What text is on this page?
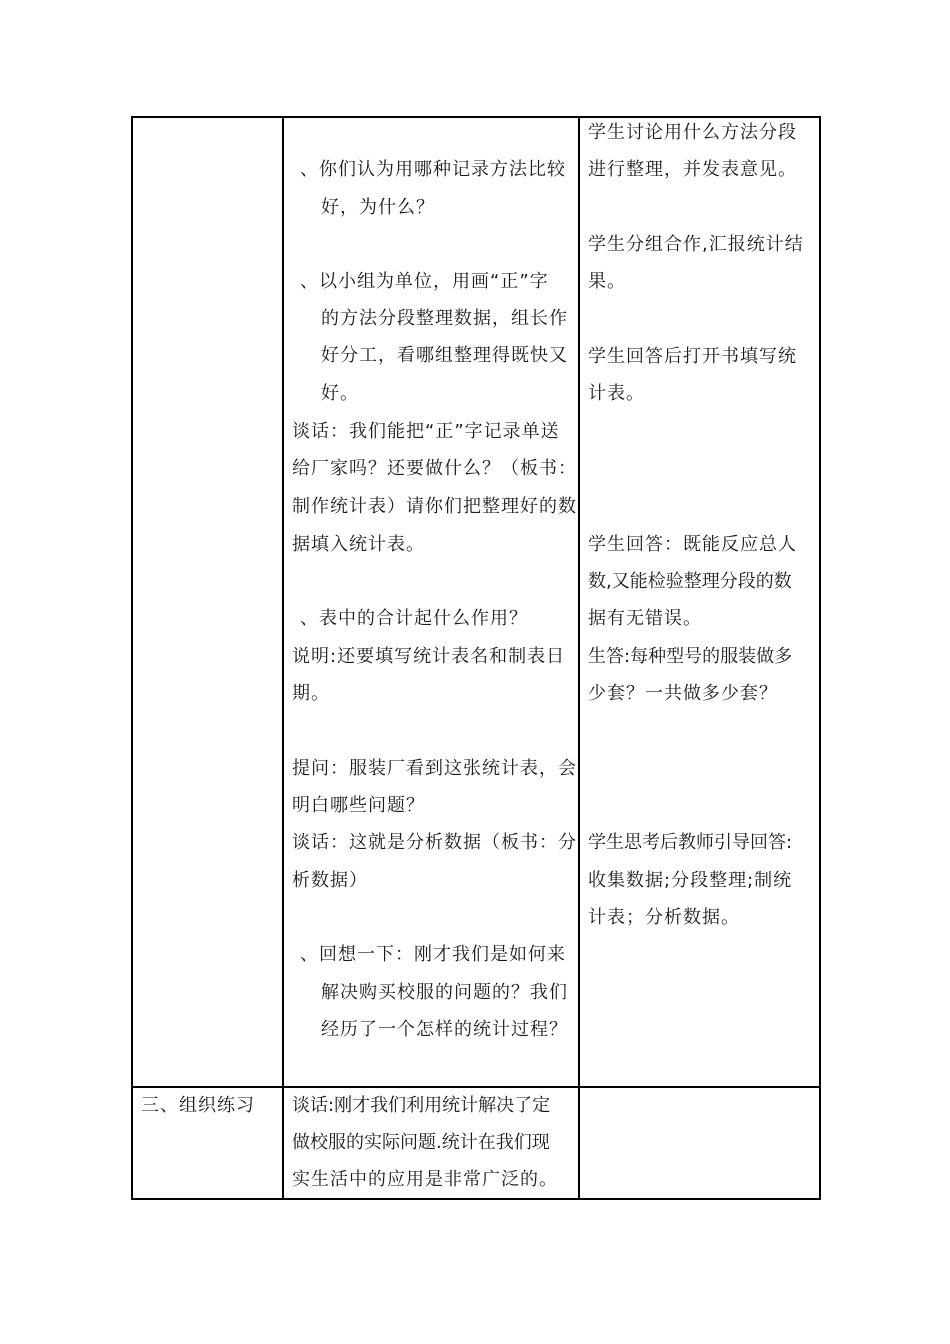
、你们认为用哪种记录方法比较
好，为什么？
、以小组为单位，用画“正”字
的方法分段整理数据，组长作
好分工，看哪组整理得既快又
好。
谈话：我们能把“正”字记录单送
给厂家吗？还要做什么？（板书：
制作统计表）请你们把整理好的数
据填入统计表。
、表中的合计起什么作用？
说明:还要填写统计表名和制表日
期。
提问：服装厂看到这张统计表，会
明白哪些问题？
谈话：这就是分析数据（板书：分
析数据）
、回想一下：刚才我们是如何来
解决购买校服的问题的？我们
经历了一个怎样的统计过程？
学生讨论用什么方法分段
进行整理，并发表意见。
学生分组合作,汇报统计结
果。
学生回答后打开书填写统
计表。
学生回答：既能反应总人
数,又能检验整理分段的数
据有无错误。
生答:每种型号的服装做多
少套？一共做多少套？
学生思考后教师引导回答:
收集数据;分段整理;制统
计表；分析数据。
三、组织练习 谈话:刚才我们利用统计解决了定
做校服的实际问题.统计在我们现
实生活中的应用是非常广泛的。
